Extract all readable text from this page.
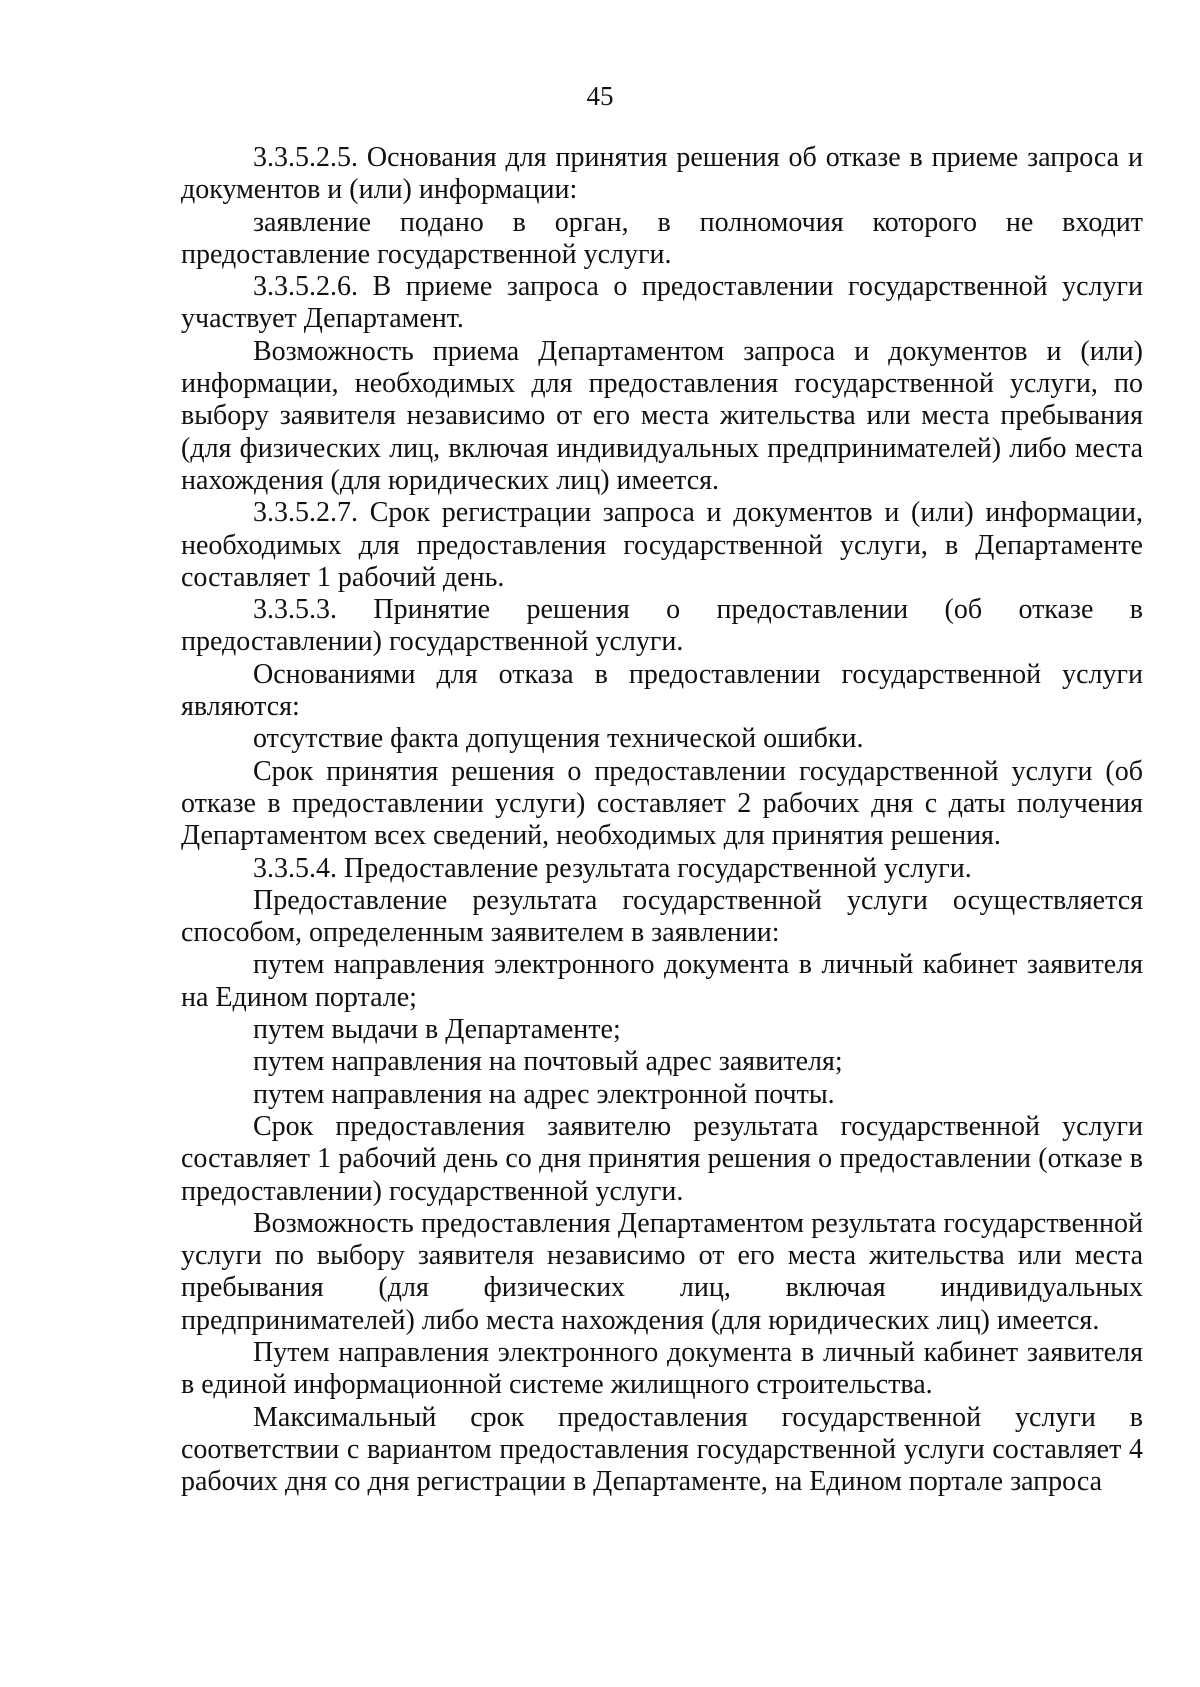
45

3.3.5.2.5. Основания для принятия решения об отказе в приеме запроса и документов и (или) информации:

заявление подано в орган, в полномочия которого не входит предоставление государственной услуги.

3.3.5.2.6. В приеме запроса о предоставлении государственной услуги участвует Департамент.

Возможность приема Департаментом запроса и документов и (или) информации, необходимых для предоставления государственной услуги, по выбору заявителя независимо от его места жительства или места пребывания (для физических лиц, включая индивидуальных предпринимателей) либо места нахождения (для юридических лиц) имеется.

3.3.5.2.7. Срок регистрации запроса и документов и (или) информации, необходимых для предоставления государственной услуги, в Департаменте составляет 1 рабочий день.

3.3.5.3. Принятие решения о предоставлении (об отказе в предоставлении) государственной услуги.

Основаниями для отказа в предоставлении государственной услуги являются:

отсутствие факта допущения технической ошибки.

Срок принятия решения о предоставлении государственной услуги (об отказе в предоставлении услуги) составляет 2 рабочих дня с даты получения Департаментом всех сведений, необходимых для принятия решения.

3.3.5.4. Предоставление результата государственной услуги.

Предоставление результата государственной услуги осуществляется способом, определенным заявителем в заявлении:

путем направления электронного документа в личный кабинет заявителя на Едином портале;

путем выдачи в Департаменте;

путем направления на почтовый адрес заявителя;

путем направления на адрес электронной почты.

Срок предоставления заявителю результата государственной услуги составляет 1 рабочий день со дня принятия решения о предоставлении (отказе в предоставлении) государственной услуги.

Возможность предоставления Департаментом результата государственной услуги по выбору заявителя независимо от его места жительства или места пребывания (для физических лиц, включая индивидуальных предпринимателей) либо места нахождения (для юридических лиц) имеется.

Путем направления электронного документа в личный кабинет заявителя в единой информационной системе жилищного строительства.

Максимальный срок предоставления государственной услуги в соответствии с вариантом предоставления государственной услуги составляет 4 рабочих дня со дня регистрации в Департаменте, на Едином портале запроса
